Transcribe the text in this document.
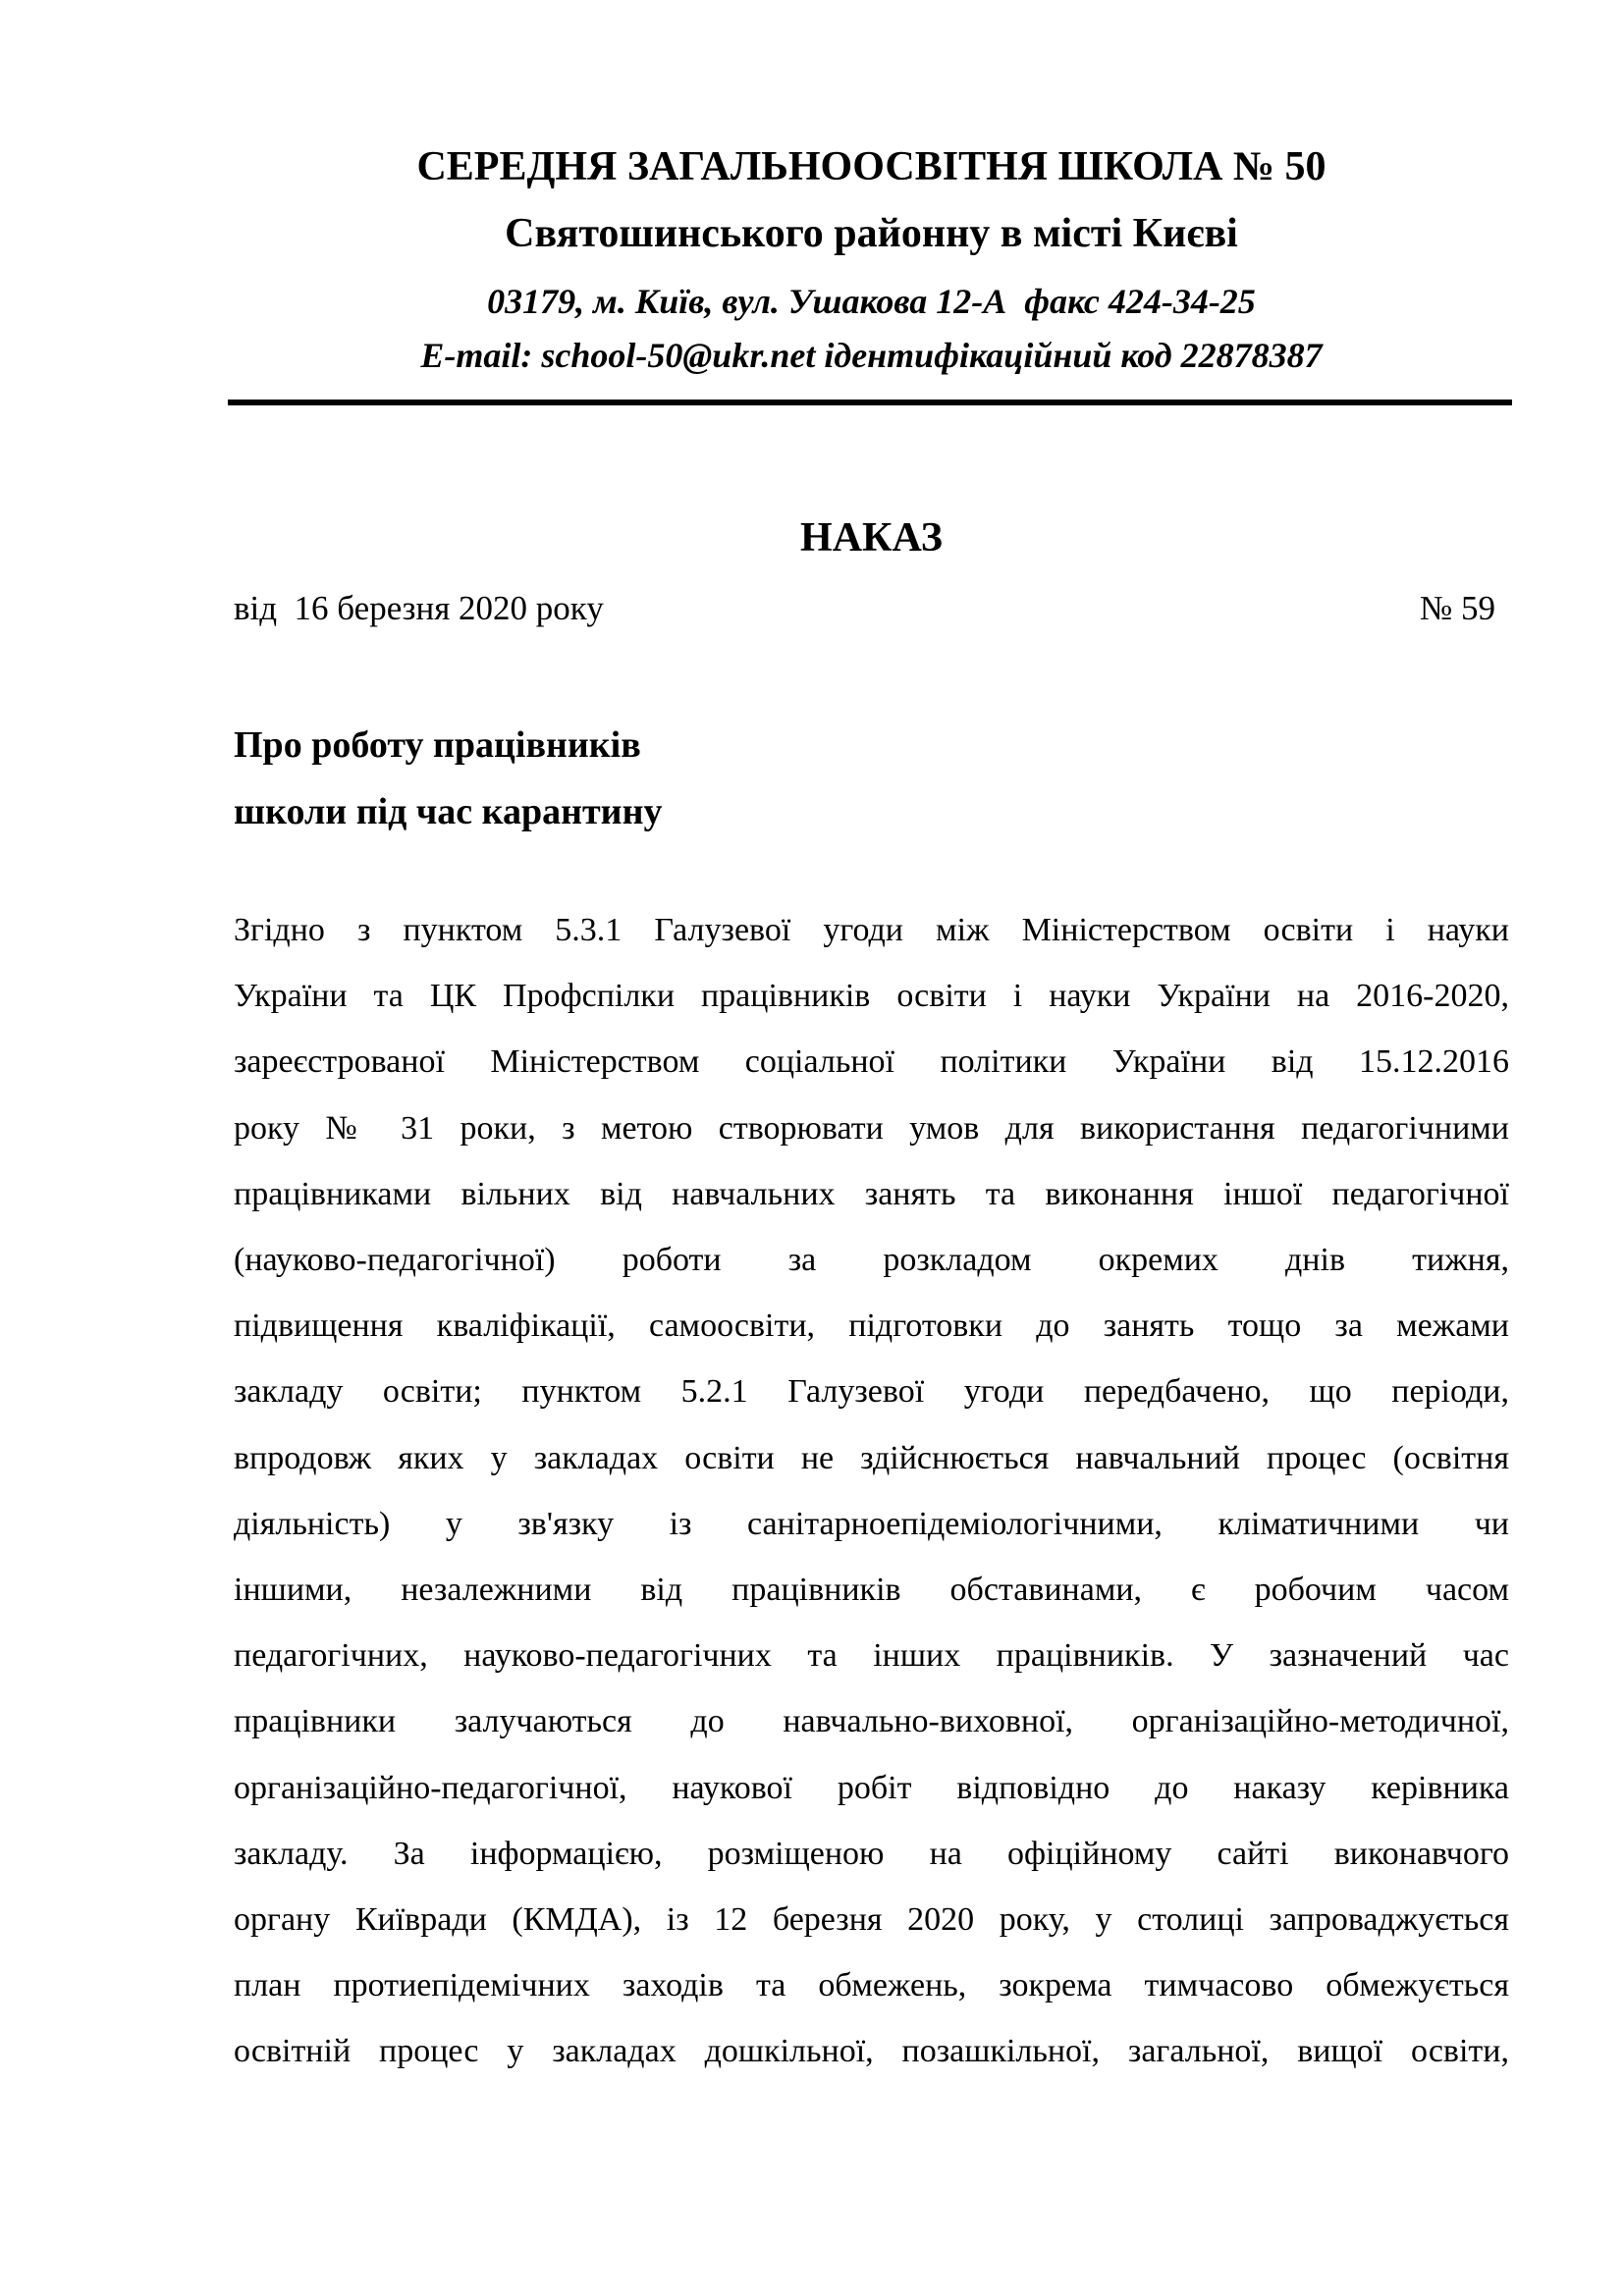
СЕРЕДНЯ ЗАГАЛЬНООСВІТНЯ ШКОЛА № 50
Святошинського районну в місті Києві
03179, м. Київ, вул. Ушакова 12-А  факс 424-34-25
E-mail: school-50@ukr.net ідентифікаційний код 22878387
НАКАЗ
від  16 березня 2020 року	№ 59
Про роботу працівників
школи під час карантину
Згідно з пунктом 5.3.1 Галузевої угоди між Міністерством освіти і науки
України та ЦК Профспілки працівників освіти і науки України на 2016-2020,
зареєстрованої Міністерством соціальної політики України від 15.12.2016
року № 31 роки, з метою створювати умов для використання педагогічними
працівниками вільних від навчальних занять та виконання іншої педагогічної
(науково-педагогічної) роботи за розкладом окремих днів тижня,
підвищення кваліфікації, самоосвіти, підготовки до занять тощо за межами
закладу освіти; пунктом 5.2.1 Галузевої угоди передбачено, що періоди,
впродовж яких у закладах освіти не здійснюється навчальний процес (освітня
діяльність) у зв'язку із санітарноепідеміологічними, кліматичними чи
іншими, незалежними від працівників обставинами, є робочим часом
педагогічних, науково-педагогічних та інших працівників. У зазначений час
працівники залучаються до навчально-виховної, організаційно-методичної,
організаційно-педагогічної, наукової робіт відповідно до наказу керівника
закладу. За інформацією, розміщеною на офіційному сайті виконавчого
органу Київради (КМДА), із 12 березня 2020 року, у столиці запроваджується
план протиепідемічних заходів та обмежень, зокрема тимчасово обмежується
освітній процес у закладах дошкільної, позашкільної, загальної, вищої освіти,
